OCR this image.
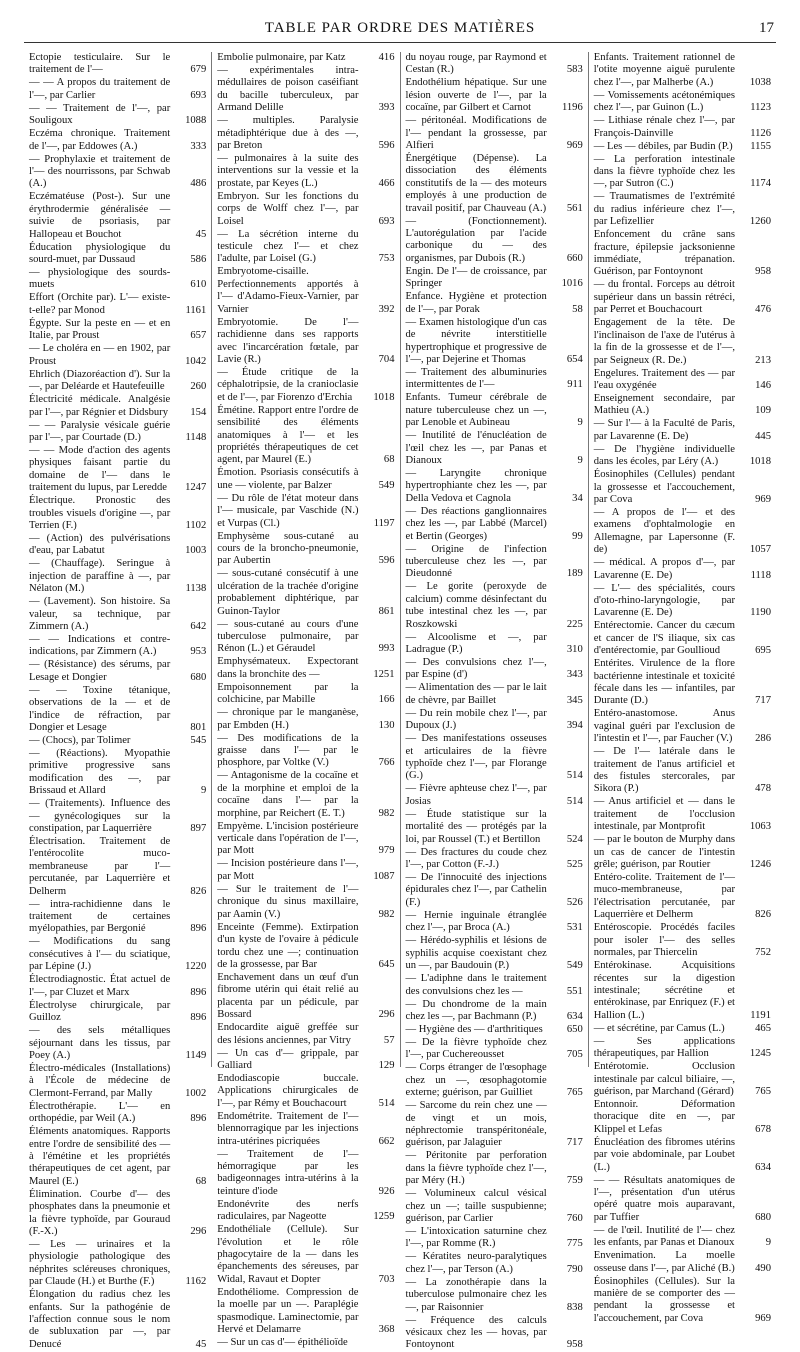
TABLE PAR ORDRE DES MATIÈRES	17
Ectopie testiculaire. Sur le traitement de l'—	679
— — A propos du traitement de l'—, par Carlier	693
— — Traitement de l'—, par Souligoux	1088
Eczéma chronique. Traitement de l'—, par Eddowes (A.)	333
— Prophylaxie et traitement de l'— des nourrissons, par Schwab (A.)	486
Eczématéuse (Post-). Sur une érythrodermie généralisée — suivie de psoriasis, par Hallopeau et Bouchot	45
Éducation physiologique du sourd-muet, par Dussaud	586
— physiologique des sourds-muets	610
Effort (Orchite par). L'— existe-t-elle? par Monod	1161
Égypte. Sur la peste en — et en Italie, par Proust	657
— Le choléra en — en 1902, par Proust	1042
Ehrlich (Diazoréaction d'). Sur la —, par Deléarde et Hautefeuille	260
Électricité médicale. Analgésie par l'—, par Régnier et Didsbury	154
— — Paralysie vésicale guérie par l'—, par Courtade (D.)	1148
— — Mode d'action des agents physiques faisant partie du domaine de l'— dans le traitement du lupus, par Leredde	1247
Électrique. Pronostic des troubles visuels d'origine —, par Terrien (F.)	1102
— (Action) des pulvérisations d'eau, par Labatut	1003
— (Chauffage). Seringue à injection de paraffine à —, par Nélaton (M.)	1138
— (Lavement). Son histoire. Sa valeur, sa technique, par Zimmern (A.)	642
— — Indications et contre-indications, par Zimmern (A.)	953
— (Résistance) des sérums, par Lesage et Dongier	680
— — Toxine tétanique, observations de la — et de l'indice de réfraction, par Dongier et Lesage	801
— (Chocs), par Tolimer	545
— (Réactions). Myopathie primitive progressive sans modification des —, par Brissaud et Allard	9
— (Traitements). Influence des — gynécologiques sur la constipation, par Laquerrière	897
Électrisation. Traitement de l'entérocolite muco-membraneuse par l'— percutanée, par Laquerrière et Delherm	826
— intra-rachidienne dans le traitement de certaines myélopathies, par Bergonié	896
— Modifications du sang consécutives à l'— du sciatique, par Lépine (J.)	1220
Électrodiagnostic. État actuel de l'—, par Cluzet et Marx	896
Électrolyse chirurgicale, par Guilloz	896
— des sels métalliques séjournant dans les tissus, par Poey (A.)	1149
Électro-médicales (Installations) à l'École de médecine de Clermont-Ferrand, par Mally	1002
Électrothérapie. L'— en orthopédie, par Weil (A.)	896
Éléments anatomiques. Rapports entre l'ordre de sensibilité des — à l'émétine et les propriétés thérapeutiques de cet agent, par Maurel (E.)	68
Élimination. Courbe d'— des phosphates dans la pneumonie et la fièvre typhoïde, par Gouraud (F.-X.)	296
— Les — urinaires et la physiologie pathologique des néphrites scléreuses chroniques, par Claude (H.) et Burthe (F.)	1162
Élongation du radius chez les enfants. Sur la pathogénie de l'affection connue sous le nom de subluxation par —, par Denucé	45
Embolie pulmonaire, par Katz	416
— expérimentales intra-médullaires de poison caséifiant du bacille tuberculeux, par Armand Delille	393
— multiples. Paralysie métadiphtérique due à des —, par Breton	596
— pulmonaires à la suite des interventions sur la vessie et la prostate, par Keyes (L.)	466
Embryon. Sur les fonctions du corps de Wolff chez l'—, par Loisel	693
— La sécrétion interne du testicule chez l'— et chez l'adulte, par Loisel (G.)	753
Embryotome-cisaille. Perfectionnements apportés à l'— d'Adamo-Fieux-Varnier, par Varnier	392
Embryotomie. De l'— rachidienne dans ses rapports avec l'incarcération fœtale, par Lavie (R.)	704
— Étude critique de la céphalotripsie, de la cranioclasie et de l'—, par Fiorenzo d'Erchia	1018
Émétine. Rapport entre l'ordre de sensibilité des éléments anatomiques à l'— et les propriétés thérapeutiques de cet agent, par Maurel (E.)	68
Émotion. Psoriasis consécutifs à une — violente, par Balzer	549
— Du rôle de l'état moteur dans l'— musicale, par Vaschide (N.) et Vurpas (Cl.)	1197
Emphysème sous-cutané au cours de la broncho-pneumonie, par Aubertin	596
— sous-cutané consécutif à une ulcération de la trachée d'origine probablement diphtérique, par Guinon-Taylor	861
— sous-cutané au cours d'une tuberculose pulmonaire, par Rénon (L.) et Géraudel	993
Emphysémateux. Expectorant dans la bronchite des —	1251
Empoisonnement par la colchicine, par Mabille	166
— chronique par le manganèse, par Embden (H.)	130
— Des modifications de la graisse dans l'— par le phosphore, par Voltke (V.)	766
— Antagonisme de la cocaïne et de la morphine et emploi de la cocaïne dans l'— par la morphine, par Reichert (E. T.)	982
Empyème. L'incision postérieure verticale dans l'opération de l'—, par Mott	979
— Incision postérieure dans l'—, par Mott	1087
— Sur le traitement de l'— chronique du sinus maxillaire, par Aamin (V.)	982
Enceinte (Femme). Extirpation d'un kyste de l'ovaire à pédicule tordu chez une —; continuation de la grossesse, par Bar	645
Enchavement dans un œuf d'un fibrome utérin qui était relié au placenta par un pédicule, par Bossard	296
Endocardite aiguë greffée sur des lésions anciennes, par Vitry	57
— Un cas d'— grippale, par Galliard	129
Endodiascopie buccale. Applications chirurgicales de l'—, par Rémy et Bouchacourt	514
Endométrite. Traitement de l'— blennorragique par les injections intra-utérines picriquées	662
— Traitement de l'— hémorragique par les badigeonnages intra-utérins à la teinture d'iode	926
Endonévrite des nerfs radiculaires, par Nageotte	1259
Endothéliale (Cellule). Sur l'évolution et le rôle phagocytaire de la — dans les épanchements des séreuses, par Widal, Ravaut et Dopter	703
Endothéliome. Compression de la moelle par un —. Paraplégie spasmodique. Laminectomie, par Hervé et Delamarre	368
— Sur un cas d'— épithélioïde
du noyau rouge, par Raymond et Cestan (R.)	583
Endothélium hépatique. Sur une lésion ouverte de l'—, par la cocaïne, par Gilbert et Carnot	1196
— péritonéal. Modifications de l'— pendant la grossesse, par Alfieri	969
Énergétique (Dépense). La dissociation des éléments constitutifs de la — des moteurs employés à une production de travail positif, par Chauveau (A.)	561
— (Fonctionnement). L'autorégulation par l'acide carbonique du — des organismes, par Dubois (R.)	660
Engin. De l'— de croissance, par Springer	1016
Enfance. Hygiène et protection de l'—, par Porak	58
— Examen histologique d'un cas de névrite interstitielle hypertrophique et progressive de l'—, par Dejerine et Thomas	654
— Traitement des albuminuries intermittentes de l'—	911
Enfants. Tumeur cérébrale de nature tuberculeuse chez un —, par Lenoble et Aubineau	9
— Inutilité de l'énucléation de l'œil chez les —, par Panas et Dianoux	9
— Laryngite chronique hypertrophiante chez les —, par Della Vedova et Cagnola	34
— Des réactions ganglionnaires chez les —, par Labbé (Marcel) et Bertin (Georges)	99
— Origine de l'infection tuberculeuse chez les —, par Dieudonné	189
— Le gorite (peroxyde de calcium) comme désinfectant du tube intestinal chez les —, par Roszkowski	225
— Alcoolisme et —, par Ladrague (P.)	310
— Des convulsions chez l'—, par Espine (d')	343
— Alimentation des — par le lait de chèvre, par Baillet	345
— Du rein mobile chez l'—, par Dupoux (J.)	394
— Des manifestations osseuses et articulaires de la fièvre typhoïde chez l'—, par Florange (G.)	514
— Fièvre aphteuse chez l'—, par Josias	514
— Étude statistique sur la mortalité des — protégés par la loi, par Roussel (T.) et Bertillon	524
— Des fractures du coude chez l'—, par Cotton (F.-J.)	525
— De l'innocuité des injections épidurales chez l'—, par Cathelin (F.)	526
— Hernie inguinale étranglée chez l'—, par Broca (A.)	531
— Hérédo-syphilis et lésions de syphilis acquise coexistant chez un —, par Baudouin (P.)	549
— L'adiphne dans le traitement des convulsions chez les —	551
— Du chondrome de la main chez les —, par Bachmann (P.)	634
— Hygiène des — d'arthritiques	650
— De la fièvre typhoïde chez l'—, par Cuchereousset	705
— Corps étranger de l'œsophage chez un —, œsophagotomie externe; guérison, par Guilliet	765
— Sarcome du rein chez une — de vingt et un mois, néphrectomie transpéritonéale, guérison, par Jalaguier	717
— Péritonite par perforation dans la fièvre typhoïde chez l'—, par Méry (H.)	759
— Volumineux calcul vésical chez un —; taille suspubienne; guérison, par Carlier	760
— L'intoxication saturnine chez l'—, par Romme (R.)	775
— Kératites neuro-paralytiques chez l'—, par Terson (A.)	790
— La zonothérapie dans la tuberculose pulmonaire chez les —, par Raisonnier	838
— Fréquence des calculs vésicaux chez les — hovas, par Fontoynont	958
Enfants. Traitement rationnel de l'otite moyenne aiguë purulente chez l'—, par Malherbe (A.)	1038
— Vomissements acétonémiques chez l'—, par Guinon (L.)	1123
— Lithiase rénale chez l'—, par François-Dainville	1126
— Les — débiles, par Budin (P.)	1155
— La perforation intestinale dans la fièvre typhoïde chez les —, par Sutron (C.)	1174
— Traumatismes de l'extrémité du radius inférieure chez l'—, par Lefizellier	1260
Enfoncement du crâne sans fracture, épilepsie jacksonienne immédiate, trépanation. Guérison, par Fontoynont	958
— du frontal. Forceps au détroit supérieur dans un bassin rétréci, par Perret et Bouchacourt	476
Engagement de la tête. De l'inclinaison de l'axe de l'utérus à la fin de la grossesse et de l'—, par Seigneux (R. De.)	213
Engelures. Traitement des — par l'eau oxygénée	146
Enseignement secondaire, par Mathieu (A.)	109
— Sur l'— à la Faculté de Paris, par Lavarenne (E. De)	445
— De l'hygiène individuelle dans les écoles, par Léry (A.)	1018
Éosinophiles (Cellules) pendant la grossesse et l'accouchement, par Cova	969
— A propos de l'— et des examens d'ophtalmologie en Allemagne, par Lapersonne (F. de)	1057
— médical. A propos d'—, par Lavarenne (E. De)	1118
— L'— des spécialités, cours d'oto-rhino-laryngologie, par Lavarenne (E. De)	1190
Entérectomie. Cancer du cæcum et cancer de l'S iliaque, six cas d'entérectomie, par Goullioud	695
Entérites. Virulence de la flore bactérienne intestinale et toxicité fécale dans les — infantiles, par Durante (D.)	717
Entéro-anastomose. Anus vaginal guéri par l'exclusion de l'intestin et l'—, par Faucher (V.)	286
— De l'— latérale dans le traitement de l'anus artificiel et des fistules stercorales, par Sikora (P.)	478
— Anus artificiel et — dans le traitement de l'occlusion intestinale, par Montprofit	1063
— par le bouton de Murphy dans un cas de cancer de l'intestin grêle; guérison, par Routier	1246
Entéro-colite. Traitement de l'— muco-membraneuse, par l'électrisation percutanée, par Laquerrière et Delherm	826
Entéroscopie. Procédés faciles pour isoler l'— des selles normales, par Thiercelin	752
Entérokinase. Acquisitions récentes sur la digestion intestinale; sécrétine et entérokinase, par Enriquez (F.) et Hallion (L.)	1191
— et sécrétine, par Camus (L.)	465
— Ses applications thérapeutiques, par Hallion	1245
Entérotomie. Occlusion intestinale par calcul biliaire, —, guérison, par Marchand (Gérard)	765
Entonnoir. Déformation thoracique dite en —, par Klippel et Lefas	678
Énucléation des fibromes utérins par voie abdominale, par Loubet (L.)	634
— — Résultats anatomiques de l'—, présentation d'un utérus opéré quatre mois auparavant, par Tuffier	680
— de l'œil. Inutilité de l'— chez les enfants, par Panas et Dianoux	9
Envenimation. La moelle osseuse dans l'—, par Aliché (B.)	490
Éosinophiles (Cellules). Sur la manière de se comporter des — pendant la grossesse et l'accouchement, par Cova	969
